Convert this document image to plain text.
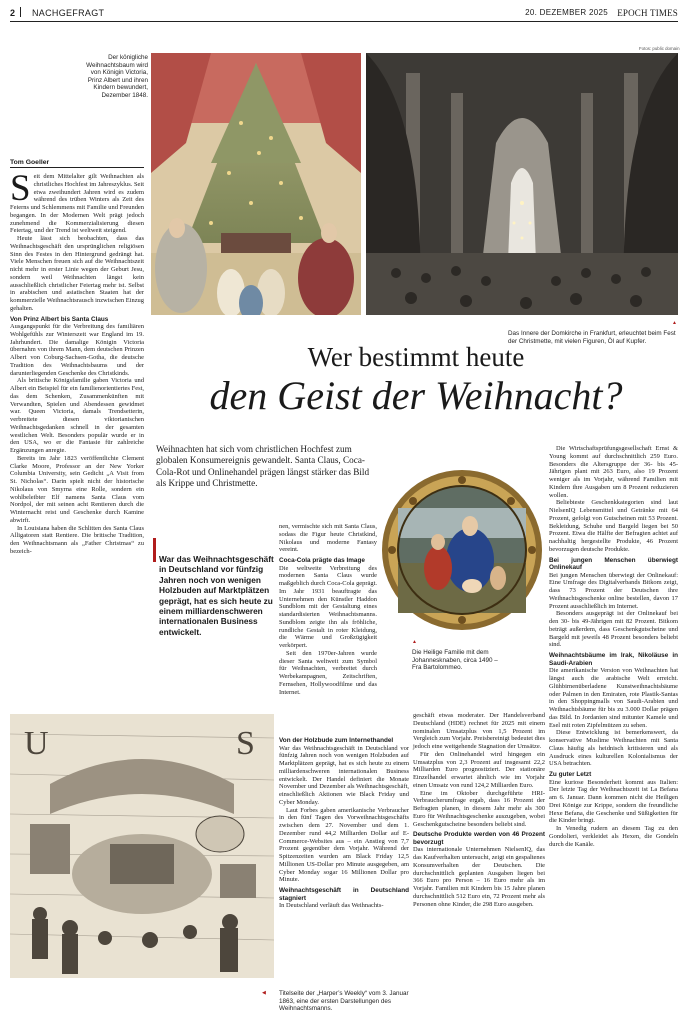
2 NACHGEFRAGT	20. DEZEMBER 2025 EPOCH TIMES
Der königliche Weihnachtsbaum wird von Königin Victoria, Prinz Albert und ihren Kindern bewundert, Dezember 1848.
Fotos: public domain
▲
Das Innere der Domkirche in Frankfurt, erleuchtet beim Fest der Christmette, mit vielen Figuren, Öl auf Kupfer.
Wer bestimmt heute
den Geist der Weihnacht?
Weihnachten hat sich vom christlichen Hochfest zum globalen Konsumereignis gewandelt. Santa Claus, Coca-Cola-Rot und Onlinehandel prägen längst stärker das Bild als Krippe und Christmette.
Tom Goeller

Seit dem Mittelalter gilt Weihnachten als christliches Hochfest im Jahreszyklus. Seit etwa zweihundert Jahren wird es zudem während des trüben Winters als Zeit des Feierns und Schlemmens mit Familie und Freunden begangen. In der Modernen Welt prägt jedoch zunehmend die Kommerzialisierung diesen Feiertag, und der Trend ist weltweit steigend.

Heute lässt sich beobachten, dass das Weihnachtsgeschäft den ursprünglichen religiösen Sinn des Festes in den Hintergrund gedrängt hat. Viele Menschen freuen sich auf die Weihnachtszeit nicht mehr in erster Linie wegen der Geburt Jesu, sondern weil Weihnachten längst kein ausschließlich christlicher Feiertag mehr ist. Selbst in arabischen und asiatischen Staaten hat der kommerzielle Weihnachtsrausch inzwischen Einzug gehalten.

Von Prinz Albert bis Santa Claus

Ausgangspunkt für die Verbreitung des familiären Wohlgefühls zur Winterszeit war England im 19. Jahrhundert. Die damalige Königin Victoria übernahm von ihrem Mann, dem deutschen Prinzen Albert von Coburg-Sachsen-Gotha, die deutsche Tradition des Weihnachtsbaums und der darunterliegenden Geschenke des Christkinds.

Als britische Königsfamilie gaben Victoria und Albert ein Beispiel für ein familienorientiertes Fest, das dem Schenken, Zusammenkünften mit Verwandten, Spielen und Abendessen gewidmet war. Queen Victoria, damals Trendsetterin, verbreitete diesen viktorianischen Weihnachtsgedanken schnell in der gesamten westlichen Welt. Besonders populär wurde er in den USA, wo er die Fantasie für zahlreiche Ergänzungen anregte.

Bereits im Jahr 1823 veröffentlichte Clement Clarke Moore, Professor an der New Yorker Columbia University, sein Gedicht „A Visit from St. Nicholas“. Darin spielt nicht der historische Nikolaus von Smyrna eine Rolle, sondern ein wohlbeleibter Elf namens Santa Claus vom Nordpol, der mit seinen acht Rentieren durch die Winternacht reist und Geschenke durch Kamine abwirft.

In Louisiana haben die Schlitten des Santa Claus Alligatoren statt Rentiere. Die britische Tradition, den Weihnachtsmann als „Father Christmas“ zu bezeich-

War das Weihnachtsgeschäft in Deutschland vor fünfzig Jahren noch von wenigen Holzbuden auf Marktplätzen geprägt, hat es sich heute zu einem milliardenschweren internationalen Business entwickelt.

nen, vermischte sich mit Santa Claus, sodass die Figur heute Christkind, Nikolaus und moderne Fantasy vereint.

Coca-Cola prägte das Image

Die weltweite Verbreitung des modernen Santa Claus wurde maßgeblich durch Coca-Cola geprägt. Im Jahr 1931 beauftragte das Unternehmen den Künstler Haddon Sundblom mit der Gestaltung eines standardisierten Weihnachtsmanns. Sundblom zeigte ihn als fröhliche, rundliche Gestalt in roter Kleidung, die Wärme und Großzügigkeit verkörpert.

Seit den 1970er-Jahren wurde dieser Santa weltweit zum Symbol für Weihnachten, verbreitet durch Werbekampagnen, Zeitschriften, Fernsehen, Hollywoodfilme und das Internet.

Von der Holzbude zum Internethandel

War das Weihnachtsgeschäft in Deutschland vor fünfzig Jahren noch von wenigen Holzbuden auf Marktplätzen geprägt, hat es sich heute zu einem milliardenschweren internationalen Business entwickelt. Der Handel definiert die Monate November und Dezember als Weihnachtsgeschäft, einschließlich Aktionen wie Black Friday und Cyber Monday.

Laut Forbes gaben amerikanische Verbraucher in den fünf Tagen des Vorweihnachtsgeschäfts zwischen dem 27. November und dem 1. Dezember rund 44,2 Milliarden Dollar auf E-Commerce-Websites aus – ein Anstieg von 7,7 Prozent gegenüber dem Vorjahr. Während der Spitzenzeiten wurden am Black Friday 12,5 Millionen US-Dollar pro Minute ausgegeben, am Cyber Monday sogar 16 Millionen Dollar pro Minute.

Weihnachtsgeschäft in Deutschland stagniert

In Deutschland verläuft das Weihnachts-

▲
Die Heilige Familie mit dem Johannesknaben, circa 1490 – Fra Bartolommeo.

geschäft etwas moderater. Der Handelsverband Deutschland (HDE) rechnet für 2025 mit einem nominalen Umsatzplus von 1,5 Prozent im Vergleich zum Vorjahr. Preisbereinigt bedeutet dies jedoch eine weitgehende Stagnation der Umsätze.

Für den Onlinehandel wird hingegen ein Umsatzplus von 2,3 Prozent auf insgesamt 22,2 Milliarden Euro prognostiziert. Der stationäre Einzelhandel erwartet ähnlich wie im Vorjahr einen Umsatz von rund 124,2 Milliarden Euro.

Eine im Oktober durchgeführte HRI-Verbraucherumfrage ergab, dass 16 Prozent der Befragten planen, in diesem Jahr mehr als 300 Euro für Weihnachtsgeschenke auszugeben, wobei Geschenkgutscheine besonders beliebt sind.

Deutsche Produkte werden von 46 Prozent bevorzugt

Das internationale Unternehmen NielsenIQ, das das Kaufverhalten untersucht, zeigt ein gespaltenes Konsumverhalten der Deutschen. Die durchschnittlich geplanten Ausgaben liegen bei 366 Euro pro Person – 16 Euro mehr als im Vorjahr. Familien mit Kindern bis 15 Jahre planen durchschnittlich 512 Euro ein, 72 Prozent mehr als Personen ohne Kinder, die 298 Euro ausgeben.

Die Wirtschaftsprüfungsgesellschaft Ernst & Young kommt auf durchschnittlich 259 Euro. Besonders die Altersgruppe der 36- bis 45-Jährigen plant mit 263 Euro, also 19 Prozent weniger als im Vorjahr, während Familien mit Kindern ihre Ausgaben um 8 Prozent reduzieren wollen.

Beliebteste Geschenkkategorien sind laut NielsenIQ Lebensmittel und Getränke mit 64 Prozent, gefolgt von Gutscheinen mit 53 Prozent. Bekleidung, Schuhe und Bargeld liegen bei 50 Prozent. Etwa die Hälfte der Befragten achtet auf nachhaltig hergestellte Produkte, 46 Prozent bevorzugen deutsche Produkte.

Bei jungen Menschen überwiegt Onlinekauf

Bei jungen Menschen überwiegt der Onlinekauf: Eine Umfrage des Digitalverbands Bitkom zeigt, dass 73 Prozent der Deutschen ihre Weihnachtsgeschenke online bestellen, davon 17 Prozent ausschließlich im Internet.

Besonders ausgeprägt ist der Onlinekauf bei den 30- bis 49-Jährigen mit 82 Prozent. Bitkom beträgt außerdem, dass Geschenkgutscheine und Bargeld mit jeweils 48 Prozent besonders beliebt sind.

Weihnachtsbäume im Irak, Nikoläuse in Saudi-Arabien

Die amerikanische Version von Weihnachten hat längst auch die arabische Welt erreicht. Glühbirnenüberladene Kunstweihnachtsbäume oder Palmen in den Emiraten, rote Plastik-Santas in den Shoppingmalls von Saudi-Arabien und Weihnachtsbäume für bis zu 3.000 Dollar prägen das Bild. In Jordanien sind mitunter Kamele und Esel mit roten Zipfelmützen zu sehen.

Diese Entwicklung ist bemerkenswert, da konservative Muslime Weihnachten mit Santa Claus häufig als heidnisch kritisieren und als Ausdruck eines kulturellen Kolonialismus der USA betrachten.

Zu guter Letzt

Eine kuriose Besonderheit kommt aus Italien: Der letzte Tag der Weihnachtszeit ist La Befana am 6. Januar. Dann kommen nicht die Heiligen Drei Könige zur Krippe, sondern die freundliche Hexe Befana, die Geschenke und Süßigkeiten für die Kinder bringt.

In Venedig rudern an diesem Tag zu den Gondolieri, verkleidet als Hexen, die Gondeln durch die Kanäle.

U	S
◀ Titelseite der „Harper’s Weekly“ vom 3. Januar 1863, eine der ersten Darstellungen des Weihnachtsmanns.
